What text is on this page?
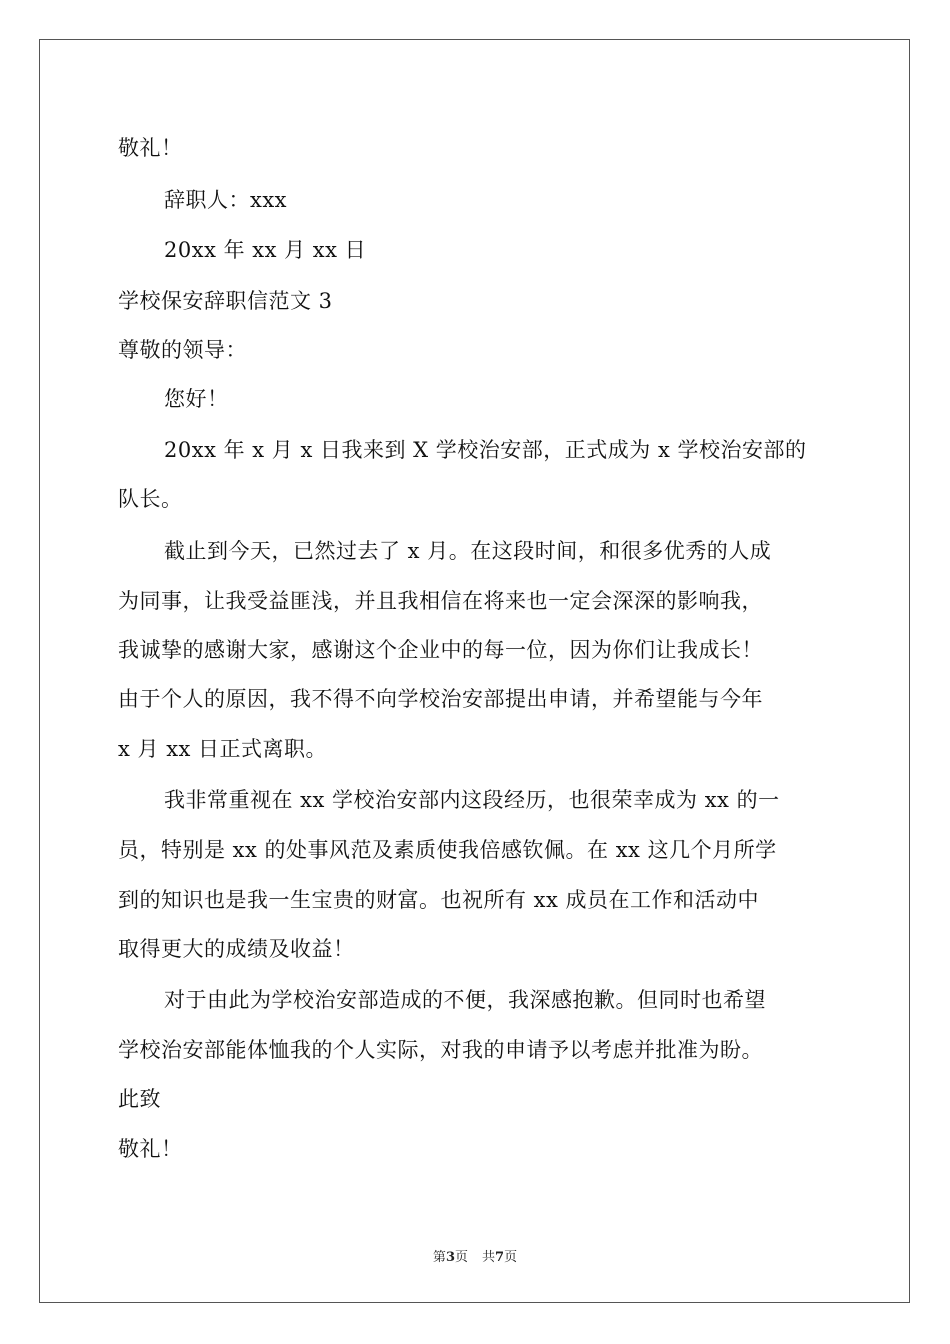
敬礼！
辞职人：xxx
20xx 年 xx 月 xx 日
学校保安辞职信范文 3
尊敬的领导：
您好！
20xx 年 x 月 x 日我来到 X 学校治安部，正式成为 x 学校治安部的
队长。
截止到今天，已然过去了 x 月。在这段时间，和很多优秀的人成
为同事，让我受益匪浅，并且我相信在将来也一定会深深的影响我，
我诚挚的感谢大家，感谢这个企业中的每一位，因为你们让我成长！
由于个人的原因，我不得不向学校治安部提出申请，并希望能与今年
x 月 xx 日正式离职。
我非常重视在 xx 学校治安部内这段经历，也很荣幸成为 xx 的一
员，特别是 xx 的处事风范及素质使我倍感钦佩。在 xx 这几个月所学
到的知识也是我一生宝贵的财富。也祝所有 xx 成员在工作和活动中
取得更大的成绩及收益！
对于由此为学校治安部造成的不便，我深感抱歉。但同时也希望
学校治安部能体恤我的个人实际，对我的申请予以考虑并批准为盼。
此致
敬礼！
第3页 共7页
